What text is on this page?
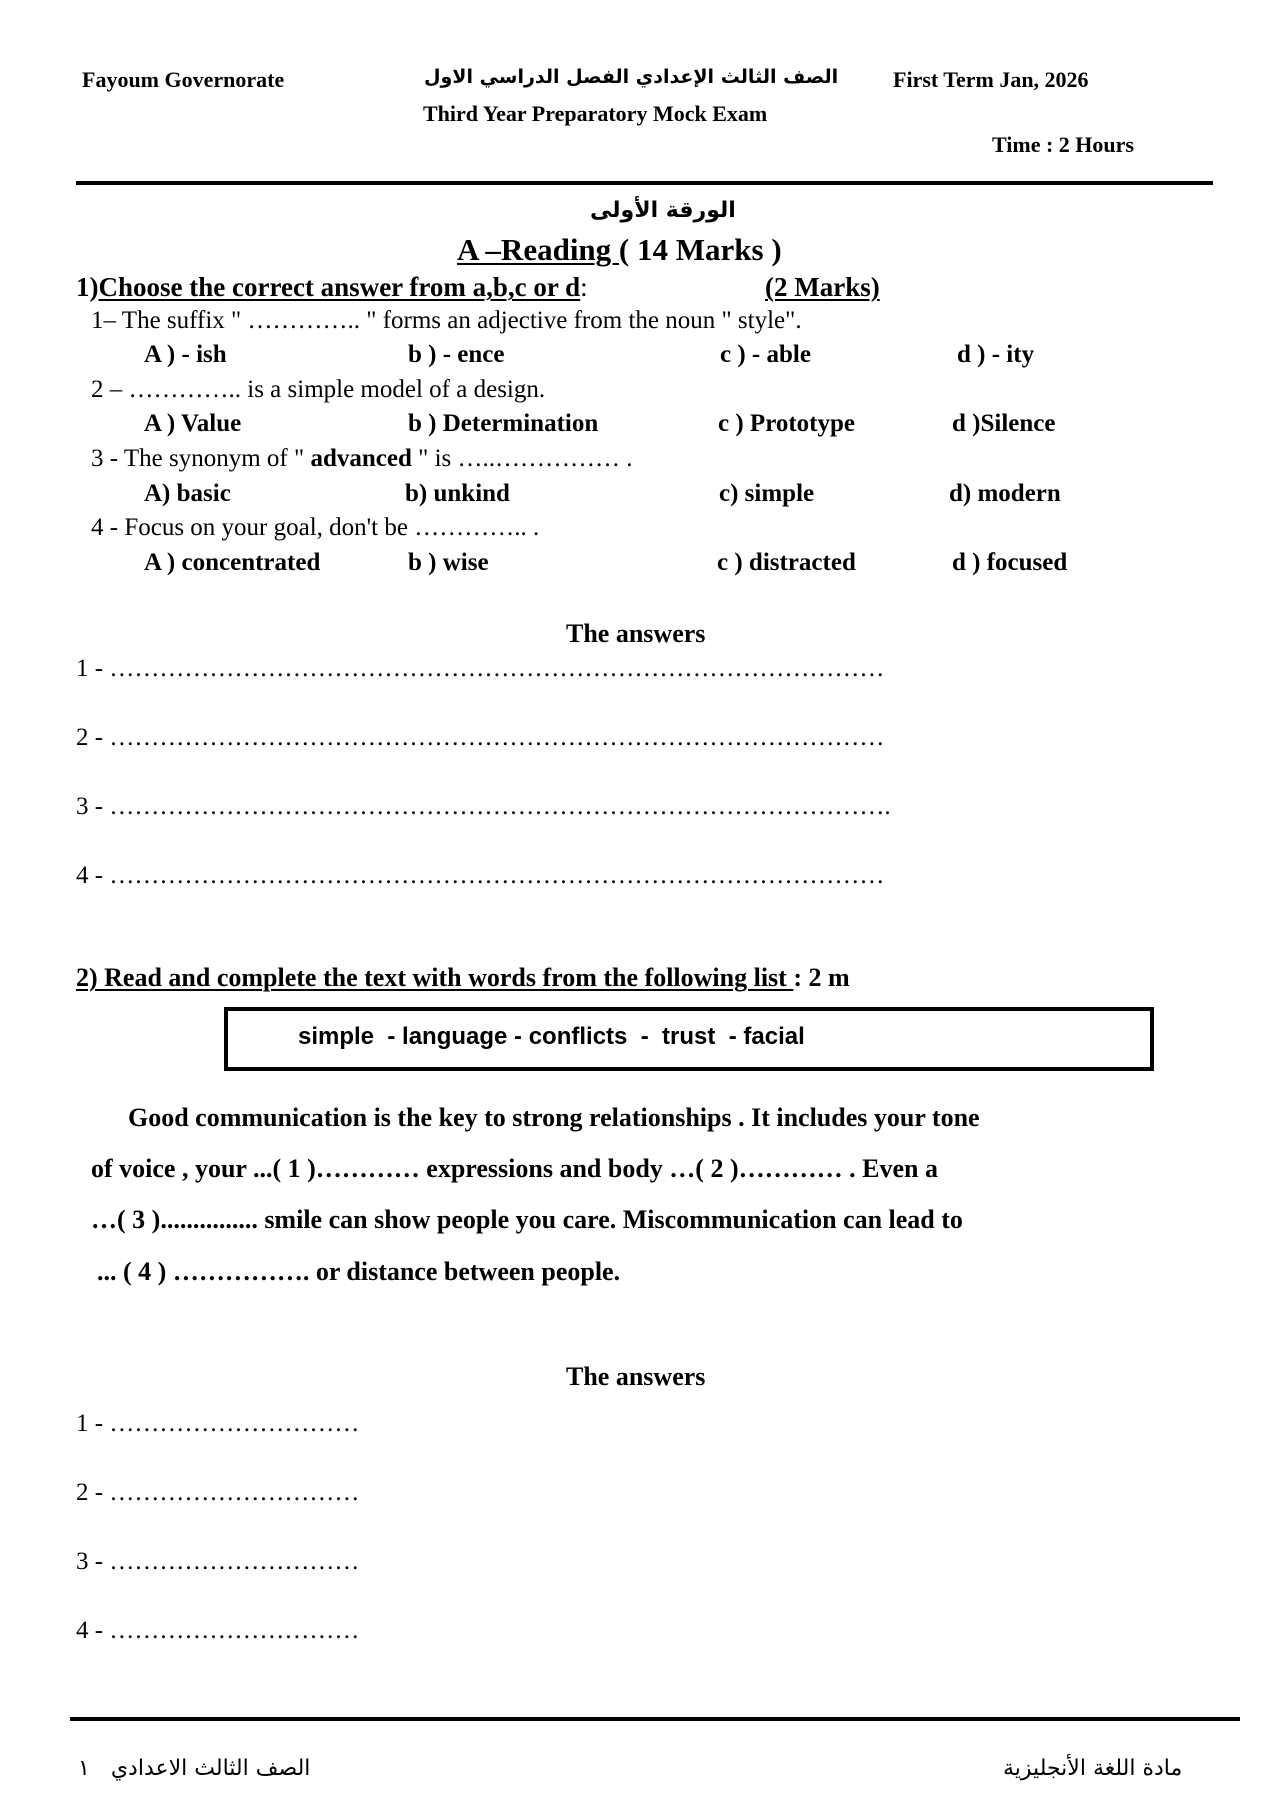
Fayoum Governorate	الصف الثالث الإعدادي الفصل الدراسي الاول
Third Year Preparatory Mock Exam
First Term Jan, 2026
Time : 2 Hours
الورقة الأولى
A –Reading ( 14 Marks )
1)Choose the correct answer from a,b,c or d:	(2 Marks)
1– The suffix " ………….. " forms an adjective from the noun " style".
A ) - ish	b ) - ence	c ) - able	d ) - ity
2 – ………….. is a simple model of a design.
A ) Value	b ) Determination	c ) Prototype	d )Silence
3 - The synonym of " advanced " is …..…………… .
A) basic	b) unkind	c) simple	d) modern
4 - Focus on your goal, don't be ………….. .
A ) concentrated	b ) wise	c ) distracted	d ) focused
The answers
1 - …………………………………………………………………………………
2 - …………………………………………………………………………………
3 - ………………………………………………………………………………….
4 - …………………………………………………………………………………
2) Read and complete the text with words from the following list : 2 m
simple  - language - conflicts  -  trust  - facial
Good communication is the key to strong relationships . It includes your tone
of voice , your ...( 1 )………… expressions and body …( 2 )………… . Even a
…( 3 )............... smile can show people you care. Miscommunication can lead to
... ( 4 ) ……………. or distance between people.
The answers
1 - …………………………
2 - …………………………
3 - …………………………
4 - …………………………
الصف الثالث الاعدادي   ١	مادة اللغة الأنجليزية
